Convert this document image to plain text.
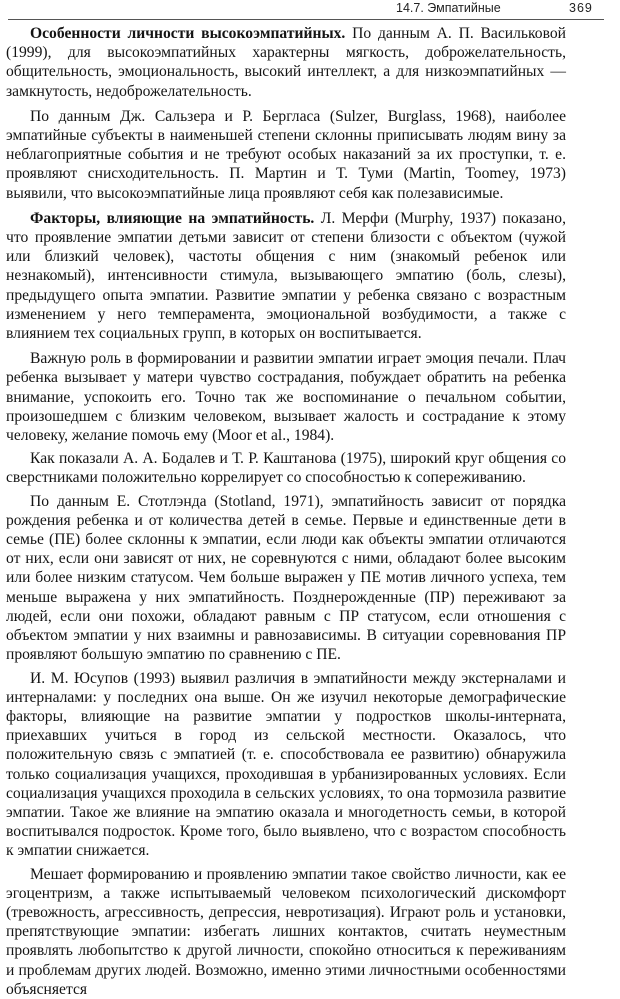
14.7. Эмпатийные	369

Особенности личности высокоэмпатийных. По данным А. П. Васильковой (1999), для высокоэмпатийных характерны мягкость, доброжелательность, общительность, эмоциональность, высокий интеллект, а для низкоэмпатийных — замкнутость, недоброжелательность.

По данным Дж. Сальзера и Р. Берглаcа (Sulzer, Burglass, 1968), наиболее эмпатийные субъекты в наименьшей степени склонны приписывать людям вину за неблагоприятные события и не требуют особых наказаний за их проступки, т. е. проявляют снисходительность. П. Мартин и Т. Туми (Martin, Toomey, 1973) выявили, что высокоэмпатийные лица проявляют себя как полезависимые.

Факторы, влияющие на эмпатийность. Л. Мерфи (Murphy, 1937) показано, что проявление эмпатии детьми зависит от степени близости с объектом (чужой или близкий человек), частоты общения с ним (знакомый ребенок или незнакомый), интенсивности стимула, вызывающего эмпатию (боль, слезы), предыдущего опыта эмпатии. Развитие эмпатии у ребенка связано с возрастным изменением у него темперамента, эмоциональной возбудимости, а также с влиянием тех социальных групп, в которых он воспитывается.

Важную роль в формировании и развитии эмпатии играет эмоция печали. Плач ребенка вызывает у матери чувство сострадания, побуждает обратить на ребенка внимание, успокоить его. Точно так же воспоминание о печальном событии, произошедшем с близким человеком, вызывает жалость и сострадание к этому человеку, желание помочь ему (Moor et al., 1984).

Как показали А. А. Бодалев и Т. Р. Каштанова (1975), широкий круг общения со сверстниками положительно коррелирует со способностью к сопереживанию.

По данным Е. Стотлэнда (Stotland, 1971), эмпатийность зависит от порядка рождения ребенка и от количества детей в семье. Первые и единственные дети в семье (ПЕ) более склонны к эмпатии, если люди как объекты эмпатии отличаются от них, если они зависят от них, не соревнуются с ними, обладают более высоким или более низким статусом. Чем больше выражен у ПЕ мотив личного успеха, тем меньше выражена у них эмпатийность. Позднерожденные (ПР) переживают за людей, если они похожи, обладают равным с ПР статусом, если отношения с объектом эмпатии у них взаимны и равнозависимы. В ситуации соревнования ПР проявляют большую эмпатию по сравнению с ПЕ.

И. М. Юсупов (1993) выявил различия в эмпатийности между экстерналами и интерналами: у последних она выше. Он же изучил некоторые демографические факторы, влияющие на развитие эмпатии у подростков школы-интерната, приехавших учиться в город из сельской местности. Оказалось, что положительную связь с эмпатией (т. е. способствовала ее развитию) обнаружила только социализация учащихся, проходившая в урбанизированных условиях. Если социализация учащихся проходила в сельских условиях, то она тормозила развитие эмпатии. Такое же влияние на эмпатию оказала и многодетность семьи, в которой воспитывался подросток. Кроме того, было выявлено, что с возрастом способность к эмпатии снижается.

Мешает формированию и проявлению эмпатии такое свойство личности, как ее эгоцентризм, а также испытываемый человеком психологический дискомфорт (тревожность, агрессивность, депрессия, невротизация). Играют роль и установки, препятствующие эмпатии: избегать лишних контактов, считать неуместным проявлять любопытство к другой личности, спокойно относиться к переживаниям и проблемам других людей. Возможно, именно этими личностными особенностями объясняется
